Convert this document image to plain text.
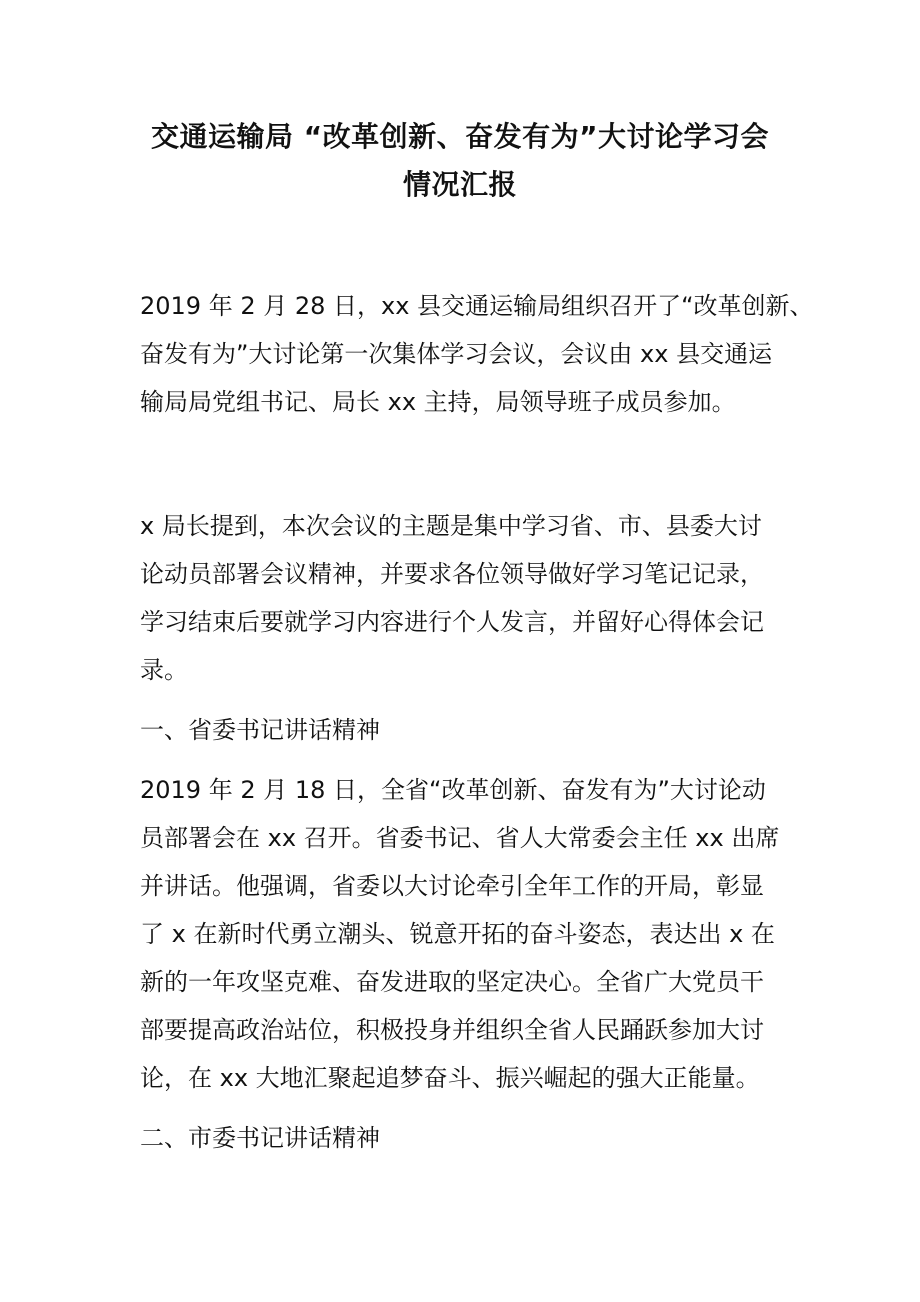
交通运输局 “改革创新、奋发有为”大讨论学习会
情况汇报
2019 年 2 月 28 日，xx 县交通运输局组织召开了“改革创新、
奋发有为”大讨论第一次集体学习会议，会议由 xx 县交通运
输局局党组书记、局长 xx 主持，局领导班子成员参加。
x 局长提到，本次会议的主题是集中学习省、市、县委大讨
论动员部署会议精神，并要求各位领导做好学习笔记记录，
学习结束后要就学习内容进行个人发言，并留好心得体会记
录。
一、省委书记讲话精神
2019 年 2 月 18 日，全省“改革创新、奋发有为”大讨论动
员部署会在 xx 召开。省委书记、省人大常委会主任 xx 出席
并讲话。他强调，省委以大讨论牵引全年工作的开局，彰显
了 x 在新时代勇立潮头、锐意开拓的奋斗姿态，表达出 x 在
新的一年攻坚克难、奋发进取的坚定决心。全省广大党员干
部要提高政治站位，积极投身并组织全省人民踊跃参加大讨
论，在 xx 大地汇聚起追梦奋斗、振兴崛起的强大正能量。
二、市委书记讲话精神
